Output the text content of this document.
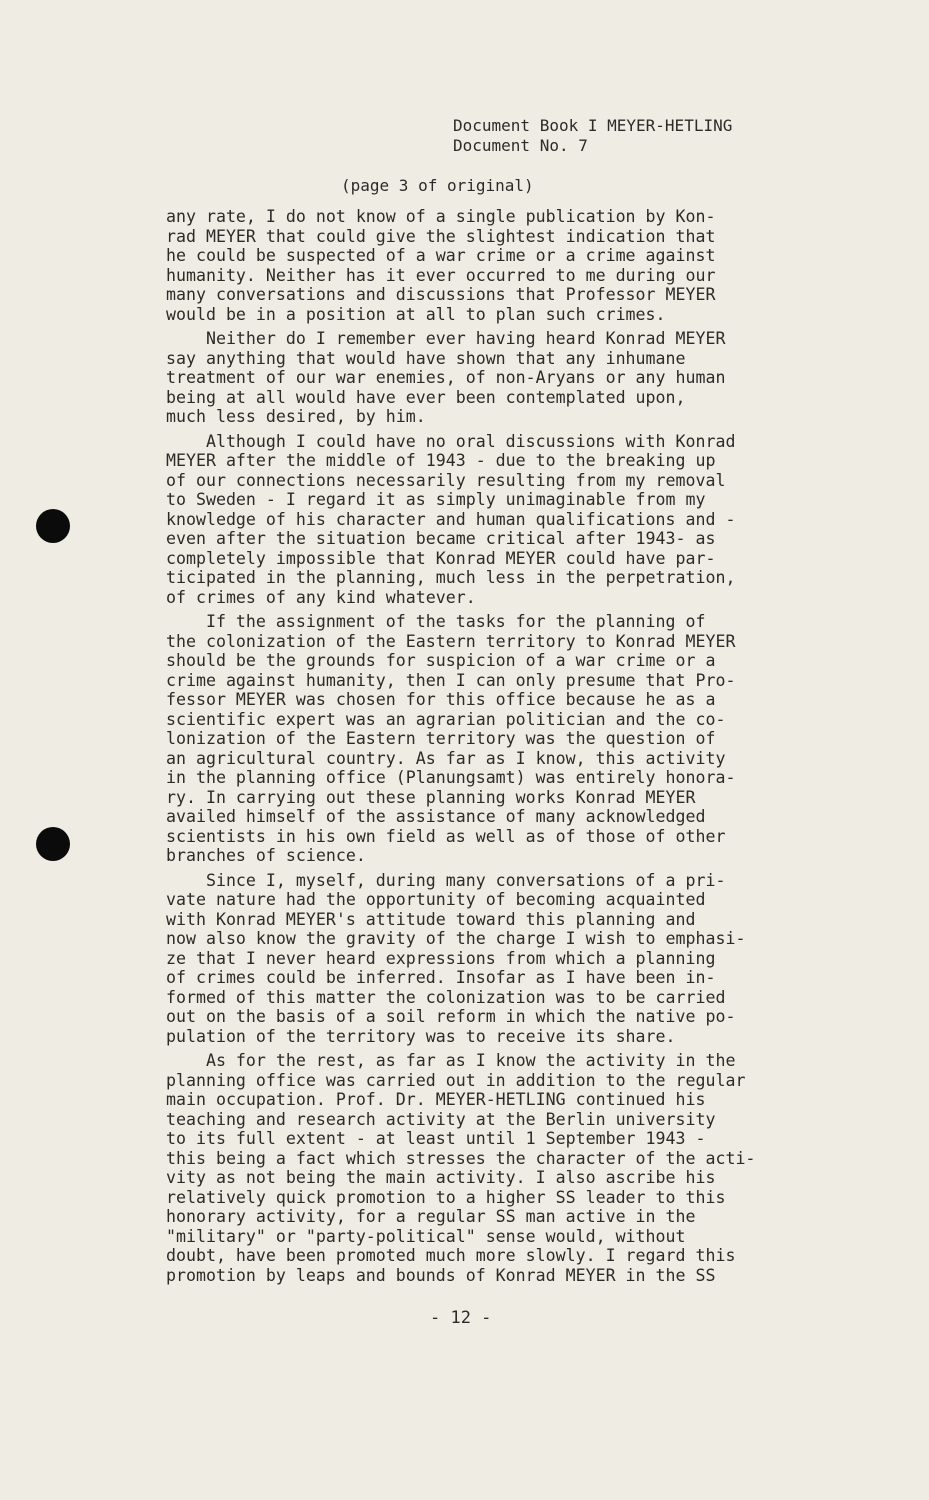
Document Book I MEYER-HETLING
Document No. 7
(page 3 of original)

any rate, I do not know of a single publication by Kon-
rad MEYER that could give the slightest indication that
he could be suspected of a war crime or a crime against
humanity. Neither has it ever occurred to me during our
many conversations and discussions that Professor MEYER
would be in a position at all to plan such crimes.

Neither do I remember ever having heard Konrad MEYER
say anything that would have shown that any inhumane
treatment of our war enemies, of non-Aryans or any human
being at all would have ever been contemplated upon,
much less desired, by him.

Although I could have no oral discussions with Konrad
MEYER after the middle of 1943 - due to the breaking up
of our connections necessarily resulting from my removal
to Sweden - I regard it as simply unimaginable from my
knowledge of his character and human qualifications and -
even after the situation became critical after 1943- as
completely impossible that Konrad MEYER could have par-
ticipated in the planning, much less in the perpetration,
of crimes of any kind whatever.

If the assignment of the tasks for the planning of
the colonization of the Eastern territory to Konrad MEYER
should be the grounds for suspicion of a war crime or a
crime against humanity, then I can only presume that Pro-
fessor MEYER was chosen for this office because he as a
scientific expert was an agrarian politician and the co-
lonization of the Eastern territory was the question of
an agricultural country. As far as I know, this activity
in the planning office (Planungsamt) was entirely honora-
ry. In carrying out these planning works Konrad MEYER
availed himself of the assistance of many acknowledged
scientists in his own field as well as of those of other
branches of science.

Since I, myself, during many conversations of a pri-
vate nature had the opportunity of becoming acquainted
with Konrad MEYER's attitude toward this planning and
now also know the gravity of the charge I wish to emphasi-
ze that I never heard expressions from which a planning
of crimes could be inferred. Insofar as I have been in-
formed of this matter the colonization was to be carried
out on the basis of a soil reform in which the native po-
pulation of the territory was to receive its share.

As for the rest, as far as I know the activity in the
planning office was carried out in addition to the regular
main occupation. Prof. Dr. MEYER-HETLING continued his
teaching and research activity at the Berlin university
to its full extent - at least until 1 September 1943 -
this being a fact which stresses the character of the acti-
vity as not being the main activity. I also ascribe his
relatively quick promotion to a higher SS leader to this
honorary activity, for a regular SS man active in the
"military" or "party-political" sense would, without
doubt, have been promoted much more slowly. I regard this
promotion by leaps and bounds of Konrad MEYER in the SS

- 12 -
